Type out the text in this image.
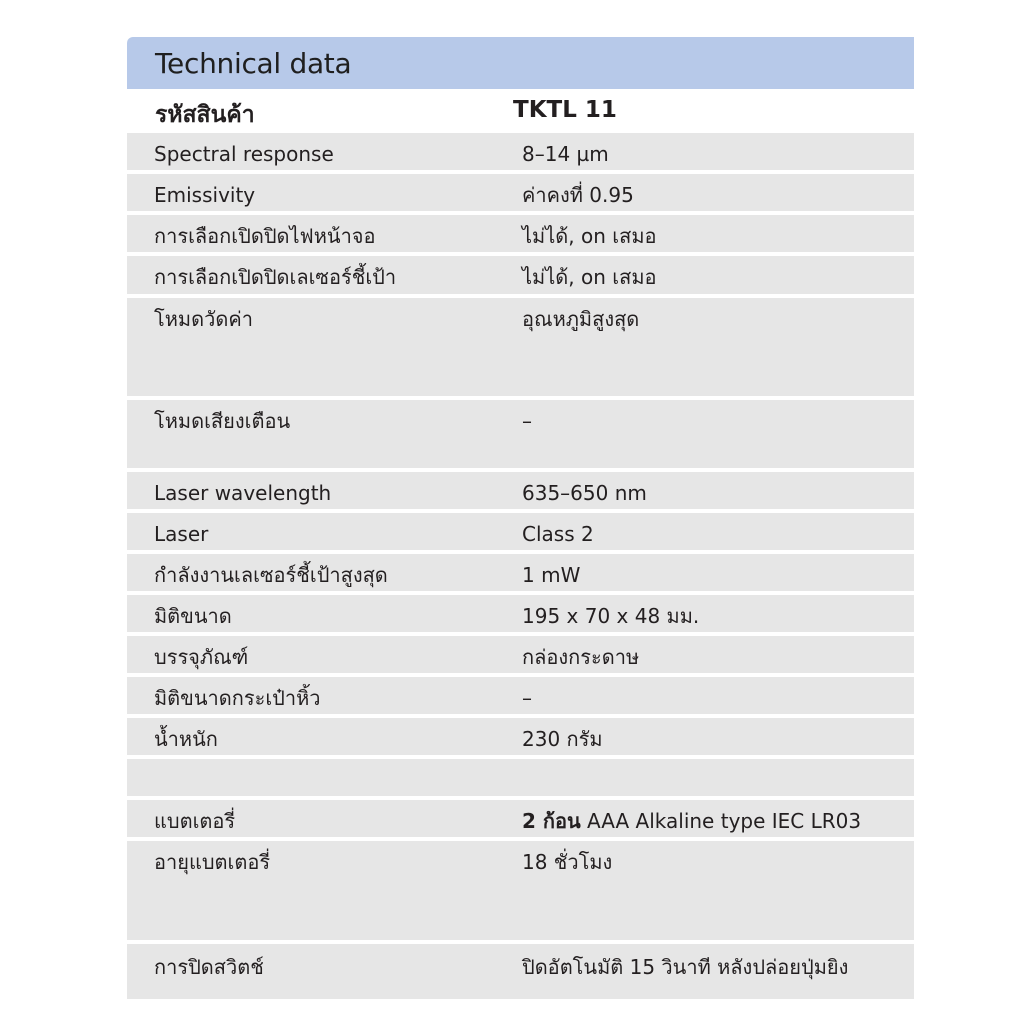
Technical data
รหัสสินค้า	TKTL 11
Spectral response	8–14 µm
Emissivity	ค่าคงที่ 0.95
การเลือกเปิดปิดไฟหน้าจอ	ไม่ได้, on เสมอ
การเลือกเปิดปิดเลเซอร์ชี้เป้า	ไม่ได้, on เสมอ
โหมดวัดค่า	อุณหภูมิสูงสุด
โหมดเสียงเตือน	–
Laser wavelength	635–650 nm
Laser	Class 2
กำลังงานเลเซอร์ชี้เป้าสูงสุด	1 mW
มิติขนาด	195 x 70 x 48 มม.
บรรจุภัณฑ์	กล่องกระดาษ
มิติขนาดกระเป๋าหิ้ว	–
น้ำหนัก	230 กรัม
แบตเตอรี่	2 ก้อน AAA Alkaline type IEC LR03
อายุแบตเตอรี่	18 ชั่วโมง
การปิดสวิตช์	ปิดอัตโนมัติ 15 วินาที หลังปล่อยปุ่มยิง
